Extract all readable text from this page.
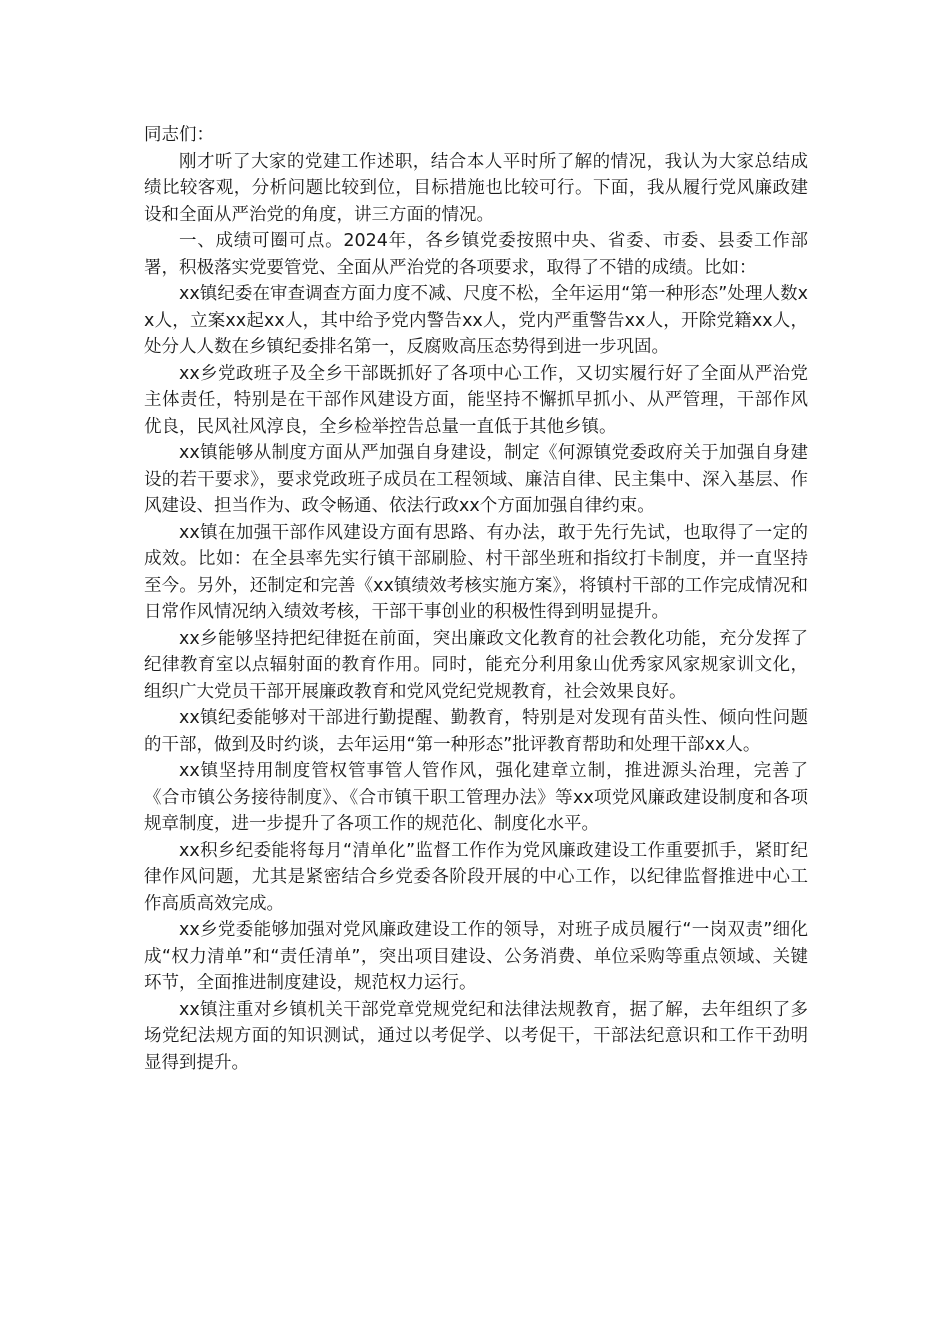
同志们：

刚才听了大家的党建工作述职，结合本人平时所了解的情况，我认为大家总结成绩比较客观，分析问题比较到位，目标措施也比较可行。下面，我从履行党风廉政建设和全面从严治党的角度，讲三方面的情况。

一、成绩可圈可点。2024年，各乡镇党委按照中央、省委、市委、县委工作部署，积极落实党要管党、全面从严治党的各项要求，取得了不错的成绩。比如：

xx镇纪委在审查调查方面力度不减、尺度不松，全年运用“第一种形态”处理人数xx人，立案xx起xx人，其中给予党内警告xx人，党内严重警告xx人，开除党籍xx人，处分人人数在乡镇纪委排名第一，反腐败高压态势得到进一步巩固。

xx乡党政班子及全乡干部既抓好了各项中心工作，又切实履行好了全面从严治党主体责任，特别是在干部作风建设方面，能坚持不懈抓早抓小、从严管理，干部作风优良，民风社风淳良，全乡检举控告总量一直低于其他乡镇。

xx镇能够从制度方面从严加强自身建设，制定《何源镇党委政府关于加强自身建设的若干要求》，要求党政班子成员在工程领域、廉洁自律、民主集中、深入基层、作风建设、担当作为、政令畅通、依法行政xx个方面加强自律约束。

xx镇在加强干部作风建设方面有思路、有办法，敢于先行先试，也取得了一定的成效。比如：在全县率先实行镇干部刷脸、村干部坐班和指纹打卡制度，并一直坚持至今。另外，还制定和完善《xx镇绩效考核实施方案》，将镇村干部的工作完成情况和日常作风情况纳入绩效考核，干部干事创业的积极性得到明显提升。

xx乡能够坚持把纪律挺在前面，突出廉政文化教育的社会教化功能，充分发挥了纪律教育室以点辐射面的教育作用。同时，能充分利用象山优秀家风家规家训文化，组织广大党员干部开展廉政教育和党风党纪党规教育，社会效果良好。

xx镇纪委能够对干部进行勤提醒、勤教育，特别是对发现有苗头性、倾向性问题的干部，做到及时约谈，去年运用“第一种形态”批评教育帮助和处理干部xx人。

xx镇坚持用制度管权管事管人管作风，强化建章立制，推进源头治理，完善了《合市镇公务接待制度》、《合市镇干职工管理办法》等xx项党风廉政建设制度和各项规章制度，进一步提升了各项工作的规范化、制度化水平。

xx积乡纪委能将每月“清单化”监督工作作为党风廉政建设工作重要抓手，紧盯纪律作风问题，尤其是紧密结合乡党委各阶段开展的中心工作，以纪律监督推进中心工作高质高效完成。

xx乡党委能够加强对党风廉政建设工作的领导，对班子成员履行“一岗双责”细化成“权力清单”和“责任清单”，突出项目建设、公务消费、单位采购等重点领域、关键环节，全面推进制度建设，规范权力运行。

xx镇注重对乡镇机关干部党章党规党纪和法律法规教育，据了解，去年组织了多场党纪法规方面的知识测试，通过以考促学、以考促干，干部法纪意识和工作干劲明显得到提升。
